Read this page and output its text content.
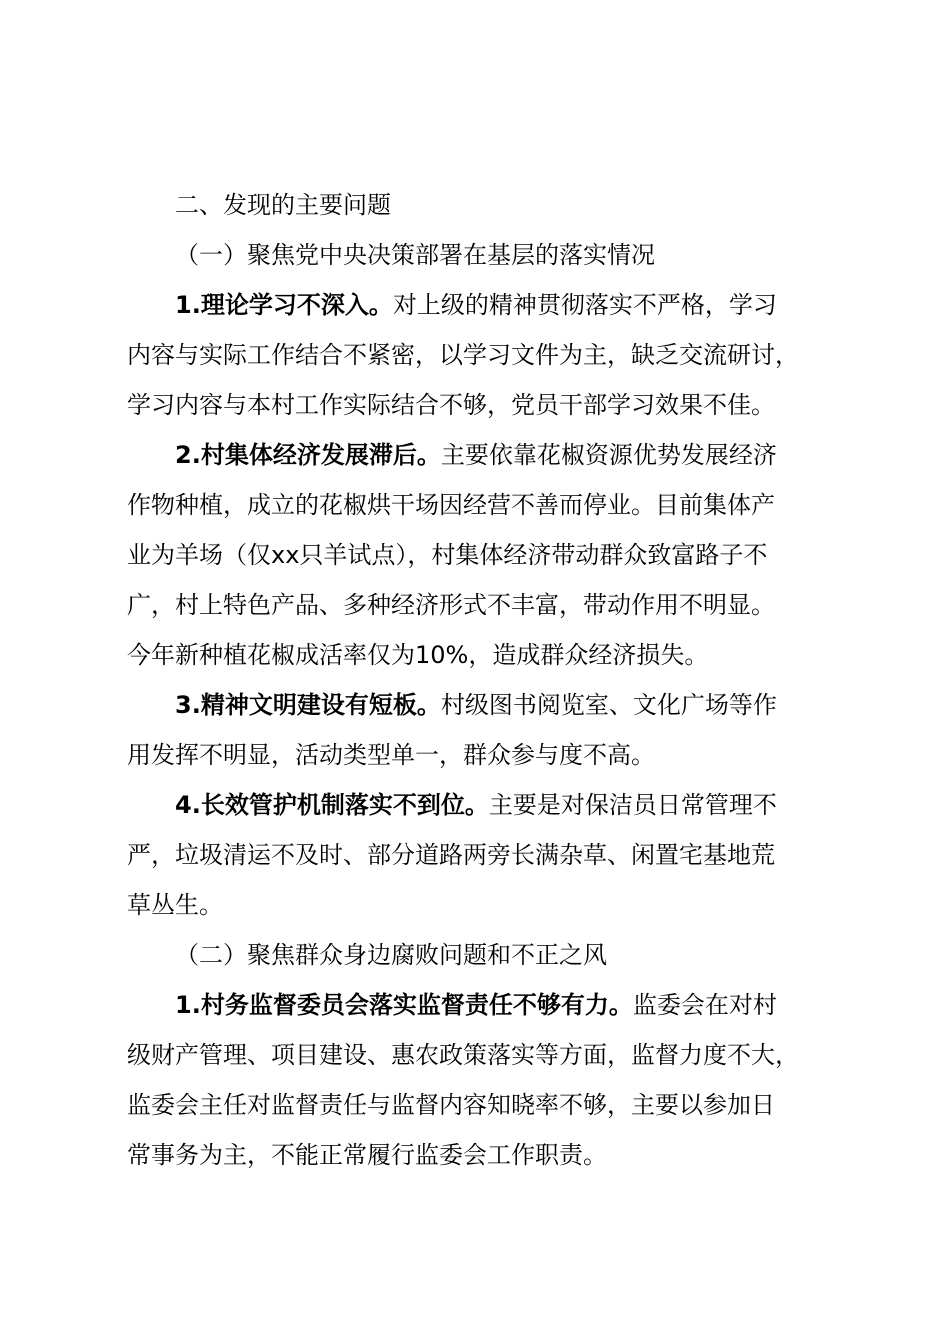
二、发现的主要问题

（一）聚焦党中央决策部署在基层的落实情况

1.理论学习不深入。对上级的精神贯彻落实不严格，学习
内容与实际工作结合不紧密，以学习文件为主，缺乏交流研讨，
学习内容与本村工作实际结合不够，党员干部学习效果不佳。

2.村集体经济发展滞后。主要依靠花椒资源优势发展经济
作物种植，成立的花椒烘干场因经营不善而停业。目前集体产
业为羊场（仅xx只羊试点），村集体经济带动群众致富路子不
广，村上特色产品、多种经济形式不丰富，带动作用不明显。
今年新种植花椒成活率仅为10%，造成群众经济损失。

3.精神文明建设有短板。村级图书阅览室、文化广场等作
用发挥不明显，活动类型单一，群众参与度不高。

4.长效管护机制落实不到位。主要是对保洁员日常管理不
严，垃圾清运不及时、部分道路两旁长满杂草、闲置宅基地荒
草丛生。

（二）聚焦群众身边腐败问题和不正之风

1.村务监督委员会落实监督责任不够有力。监委会在对村
级财产管理、项目建设、惠农政策落实等方面，监督力度不大，
监委会主任对监督责任与监督内容知晓率不够，主要以参加日
常事务为主，不能正常履行监委会工作职责。
